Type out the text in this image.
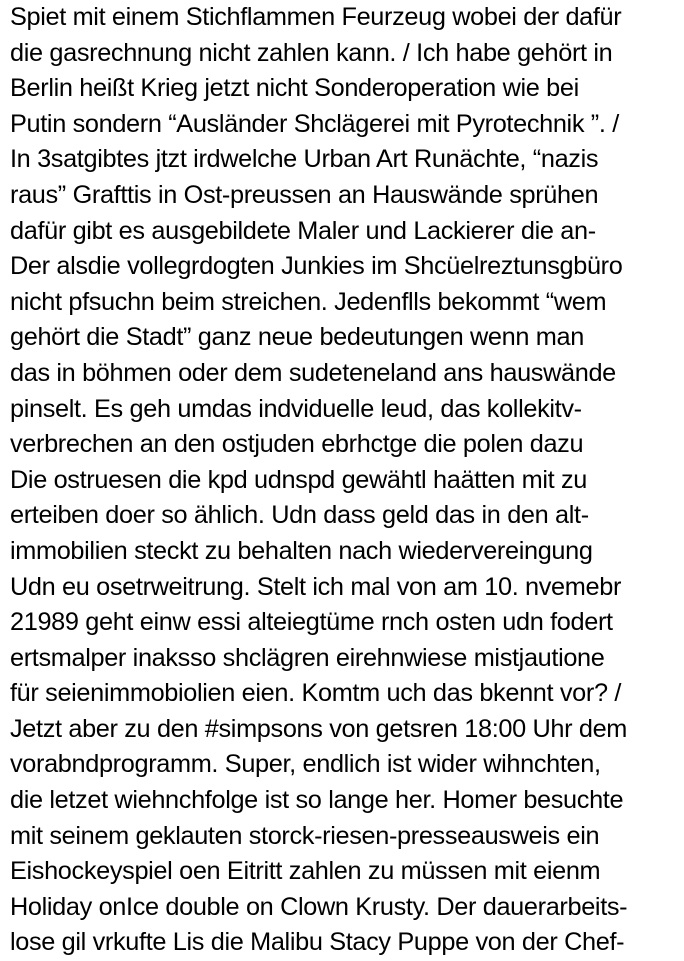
Spiet mit einem Stichflammen Feurzeug wobei der dafür
die gasrechnung nicht zahlen kann. / Ich habe gehört in
Berlin heißt Krieg jetzt nicht Sonderoperation wie bei
Putin sondern “Ausländer Shclägerei mit Pyrotechnik ”. /
In 3satgibtes jtzt irdwelche Urban Art Runächte, “nazis
raus” Grafttis in Ost-preussen an Hauswände sprühen
dafür gibt es ausgebildete Maler und Lackierer die an-
Der alsdie vollegrdogten Junkies im Shcüelreztunsgbüro
nicht pfsuchn beim streichen. Jedenflls bekommt “wem
gehört die Stadt” ganz neue bedeutungen wenn man
das in böhmen oder dem sudeteneland ans hauswände
pinselt. Es geh umdas indviduelle leud, das kollekitv-
verbrechen an den ostjuden ebrhctge die polen dazu
Die ostruesen die kpd udnspd gewähtl haätten mit zu
erteiben doer so ählich. Udn dass geld das in den alt-
immobilien steckt zu behalten nach wiedervereingung
Udn eu osetrweitrung. Stelt ich mal von am 10. nvemebr
21989 geht einw essi alteiegtüme rnch osten udn fodert
ertsmalper inaksso shclägren eirehnwiese mistjautione
für seienimmobiolien eien. Komtm uch das bkennt vor? /
Jetzt aber zu den #simpsons von getsren 18:00 Uhr dem
vorabndprogramm. Super, endlich ist wider wihnchten,
die letzet wiehnchfolge ist so lange her. Homer besuchte
mit seinem geklauten storck-riesen-presseausweis ein
Eishockeyspiel oen Eitritt zahlen zu müssen mit eienm
Holiday onIce double on Clown Krusty. Der dauerarbeits-
lose gil vrkufte Lis die Malibu Stacy Puppe von der Chef-
